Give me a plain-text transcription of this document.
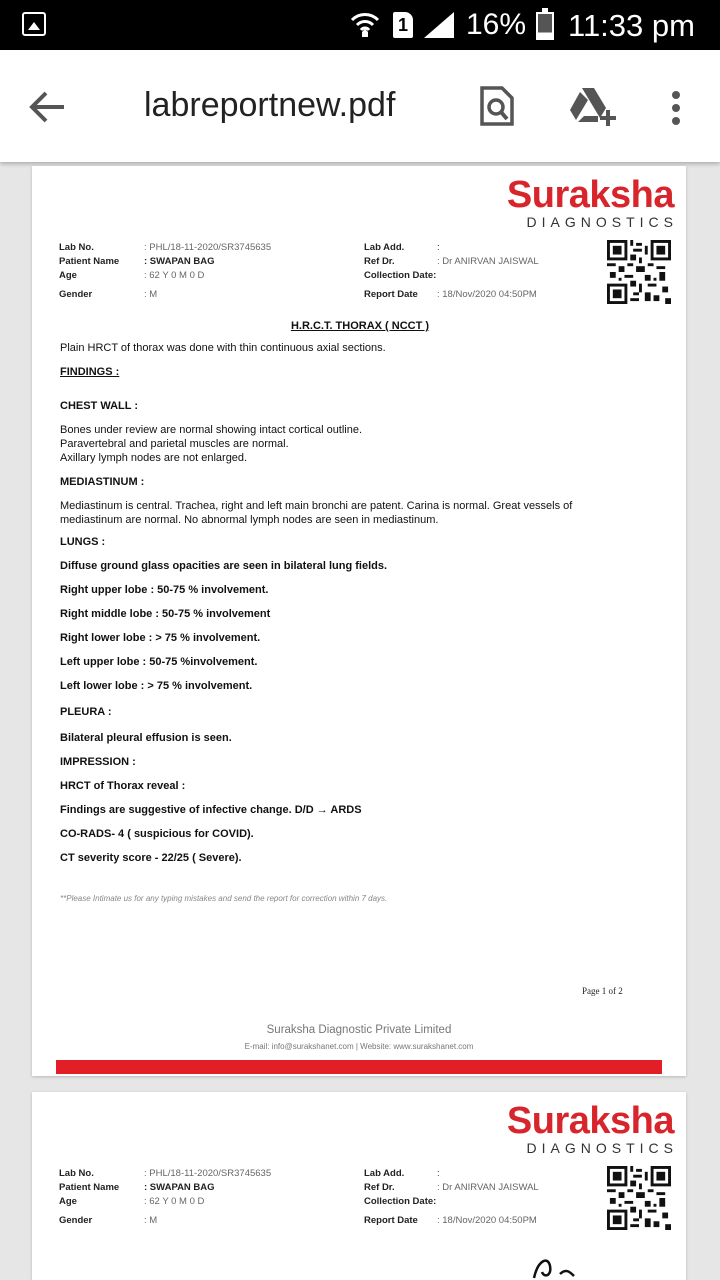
1 16% 11:33 pm
labreportnew.pdf
Suraksha
DIAGNOSTICS
Lab No.	: PHL/18-11-2020/SR3745635
Patient Name	: SWAPAN BAG
Age	: 62 Y 0 M 0 D
Gender	: M
Lab Add.	:
Ref Dr.	: Dr ANIRVAN JAISWAL
Collection Date:
Report Date : 18/Nov/2020 04:50PM
H.R.C.T. THORAX ( NCCT )
Plain HRCT of thorax was done with thin continuous axial sections.
FINDINGS :
CHEST WALL :
Bones under review are normal showing intact cortical outline.
Paravertebral and parietal muscles are normal.
Axillary lymph nodes are not enlarged.
MEDIASTINUM :
Mediastinum is central. Trachea, right and left main bronchi are patent. Carina is normal. Great vessels of
mediastinum are normal. No abnormal lymph nodes are seen in mediastinum.
LUNGS :
Diffuse ground glass opacities are seen in bilateral lung fields.
Right upper lobe : 50-75 % involvement.
Right middle lobe : 50-75 % involvement
Right lower lobe : > 75 % involvement.
Left upper lobe : 50-75 %involvement.
Left lower lobe : > 75 % involvement.
PLEURA :
Bilateral pleural effusion is seen.
IMPRESSION :
HRCT of Thorax reveal :
Findings are suggestive of infective change. D/D → ARDS
CO-RADS- 4 ( suspicious for COVID).
CT severity score - 22/25 ( Severe).
**Please Intimate us for any typing mistakes and send the report for correction within 7 days.
Page 1 of 2
Suraksha Diagnostic Private Limited
E-mail: info@surakshanet.com | Website: www.surakshanet.com
Suraksha
DIAGNOSTICS
Lab No.	: PHL/18-11-2020/SR3745635
Patient Name	: SWAPAN BAG
Age	: 62 Y 0 M 0 D
Gender	: M
Lab Add.	:
Ref Dr.	: Dr ANIRVAN JAISWAL
Collection Date:
Report Date : 18/Nov/2020 04:50PM
